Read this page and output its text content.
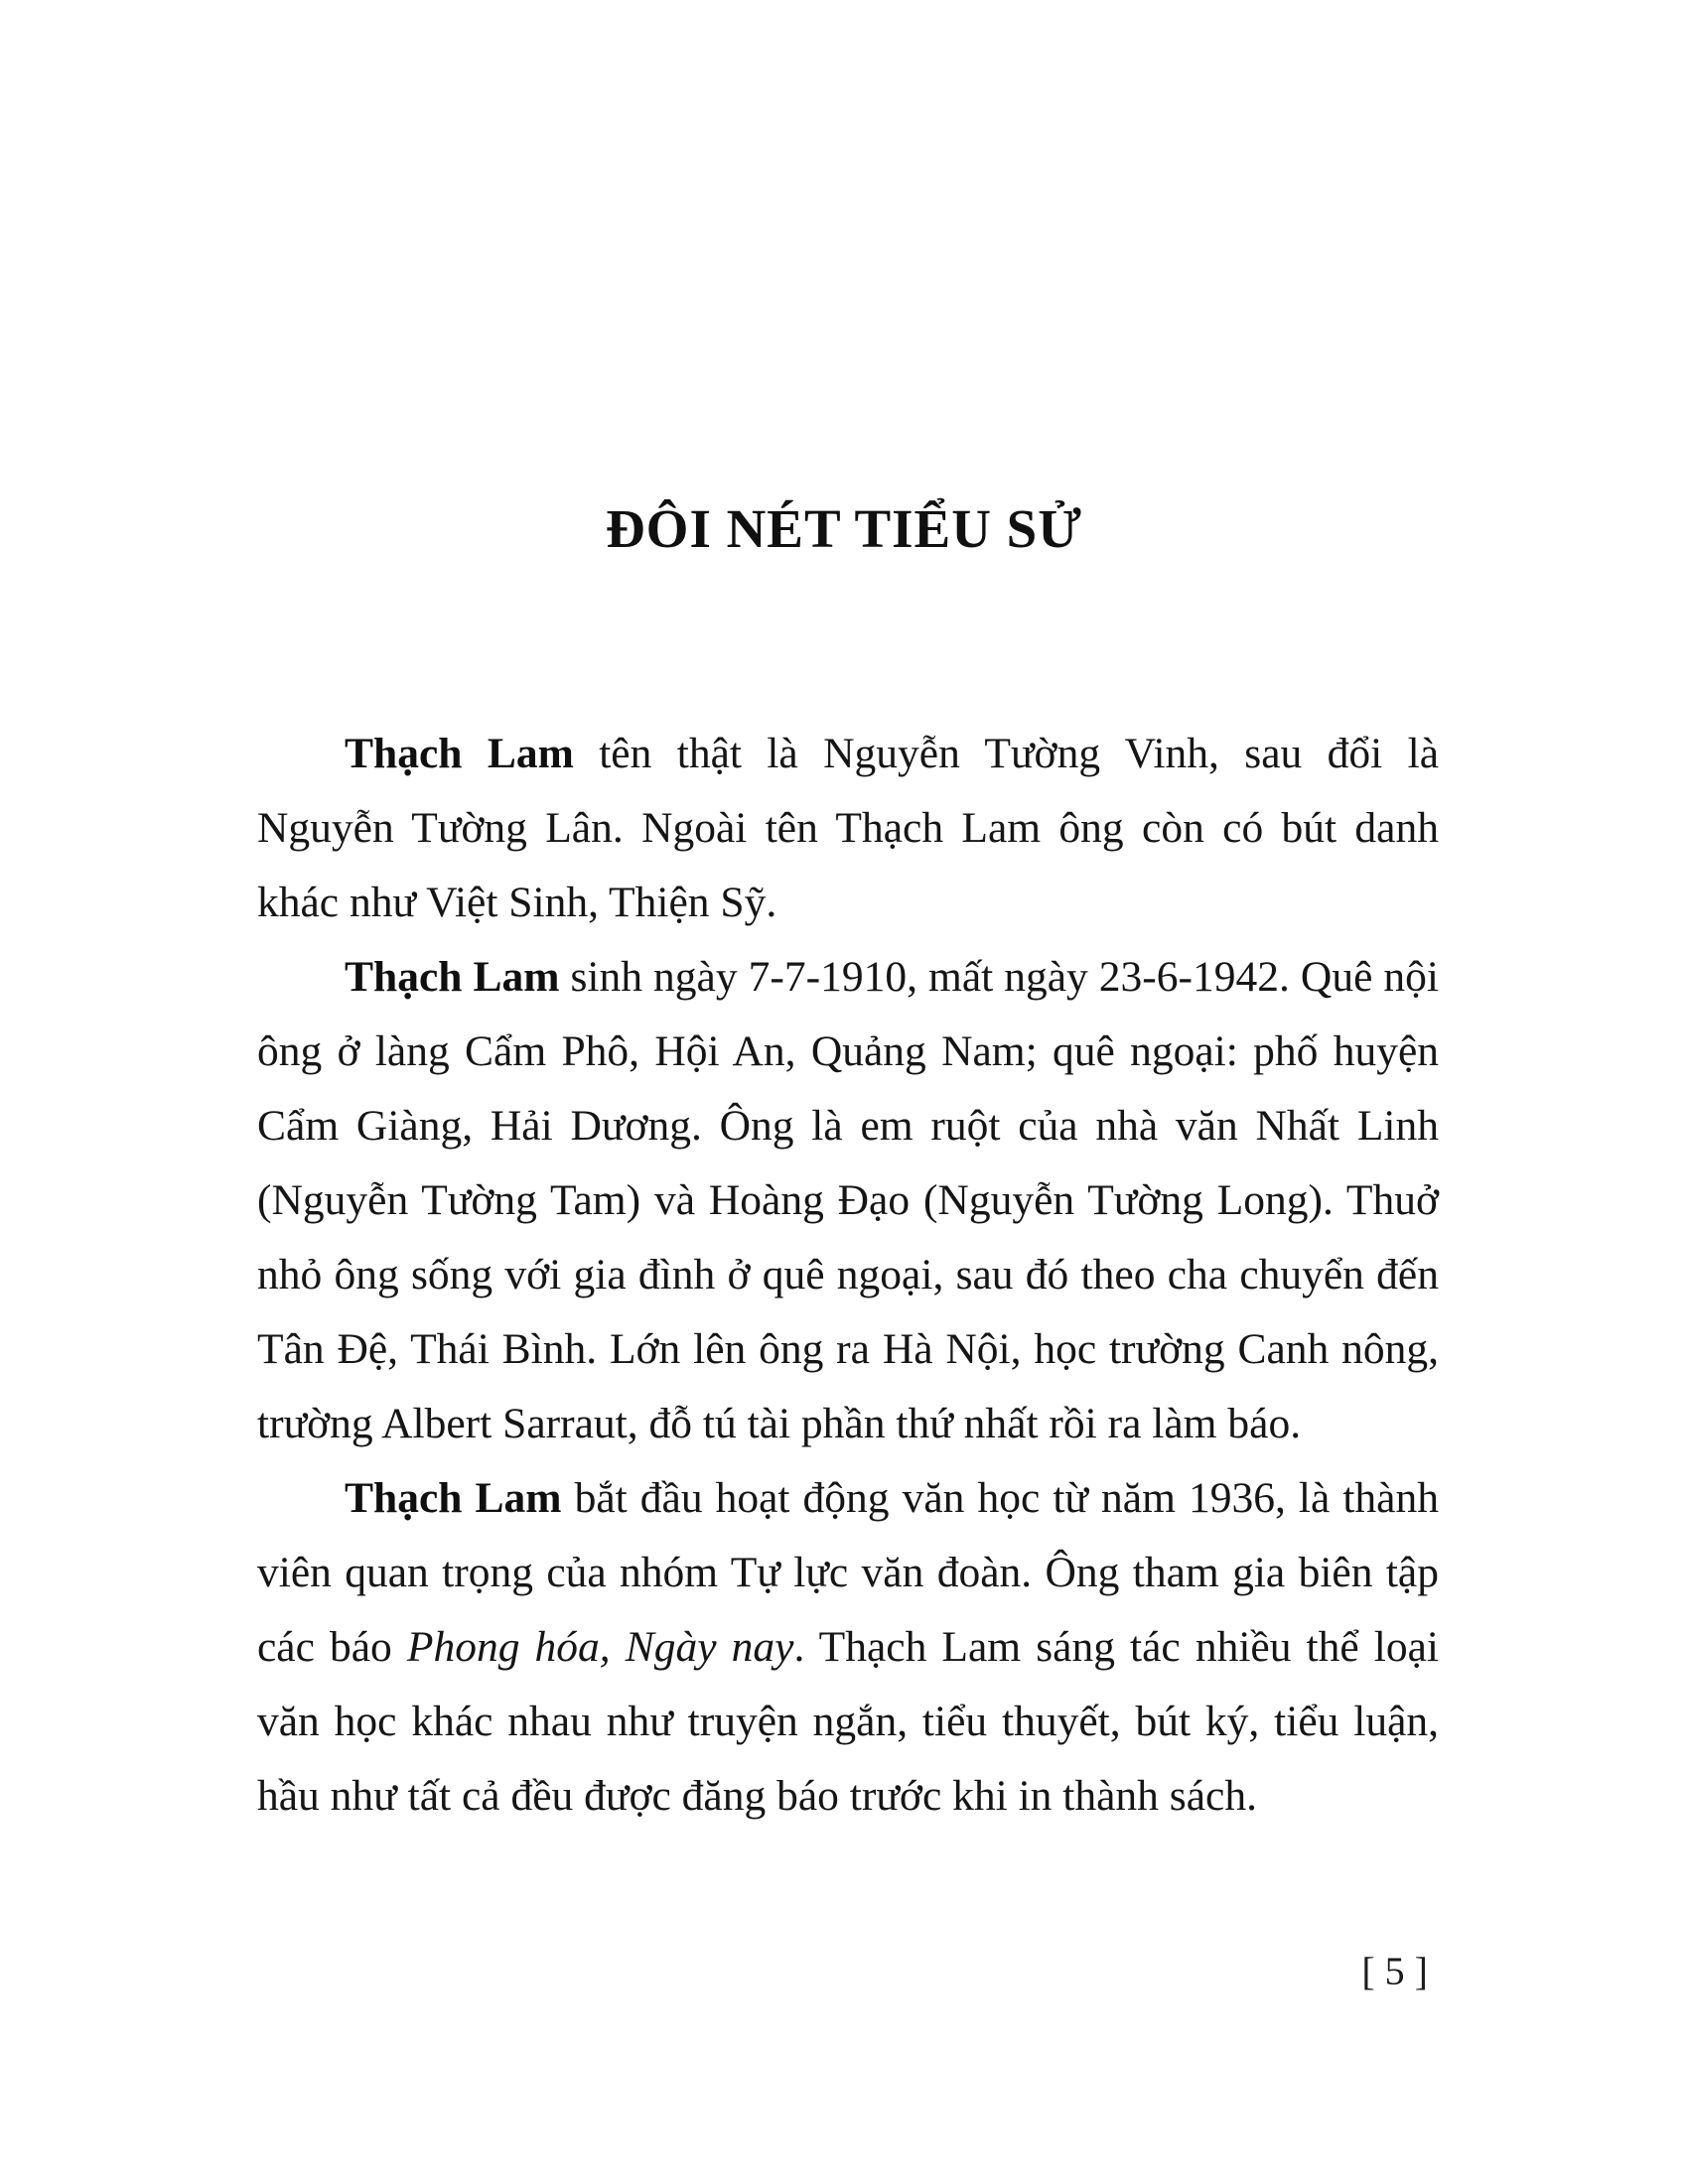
ĐÔI NÉT TIỂU SỬ

Thạch Lam tên thật là Nguyễn Tường Vinh, sau đổi là Nguyễn Tường Lân. Ngoài tên Thạch Lam ông còn có bút danh khác như Việt Sinh, Thiện Sỹ.

Thạch Lam sinh ngày 7-7-1910, mất ngày 23-6-1942. Quê nội ông ở làng Cẩm Phô, Hội An, Quảng Nam; quê ngoại: phố huyện Cẩm Giàng, Hải Dương. Ông là em ruột của nhà văn Nhất Linh (Nguyễn Tường Tam) và Hoàng Đạo (Nguyễn Tường Long). Thuở nhỏ ông sống với gia đình ở quê ngoại, sau đó theo cha chuyển đến Tân Đệ, Thái Bình. Lớn lên ông ra Hà Nội, học trường Canh nông, trường Albert Sarraut, đỗ tú tài phần thứ nhất rồi ra làm báo.

Thạch Lam bắt đầu hoạt động văn học từ năm 1936, là thành viên quan trọng của nhóm Tự lực văn đoàn. Ông tham gia biên tập các báo Phong hóa, Ngày nay. Thạch Lam sáng tác nhiều thể loại văn học khác nhau như truyện ngắn, tiểu thuyết, bút ký, tiểu luận, hầu như tất cả đều được đăng báo trước khi in thành sách.

[ 5 ]
